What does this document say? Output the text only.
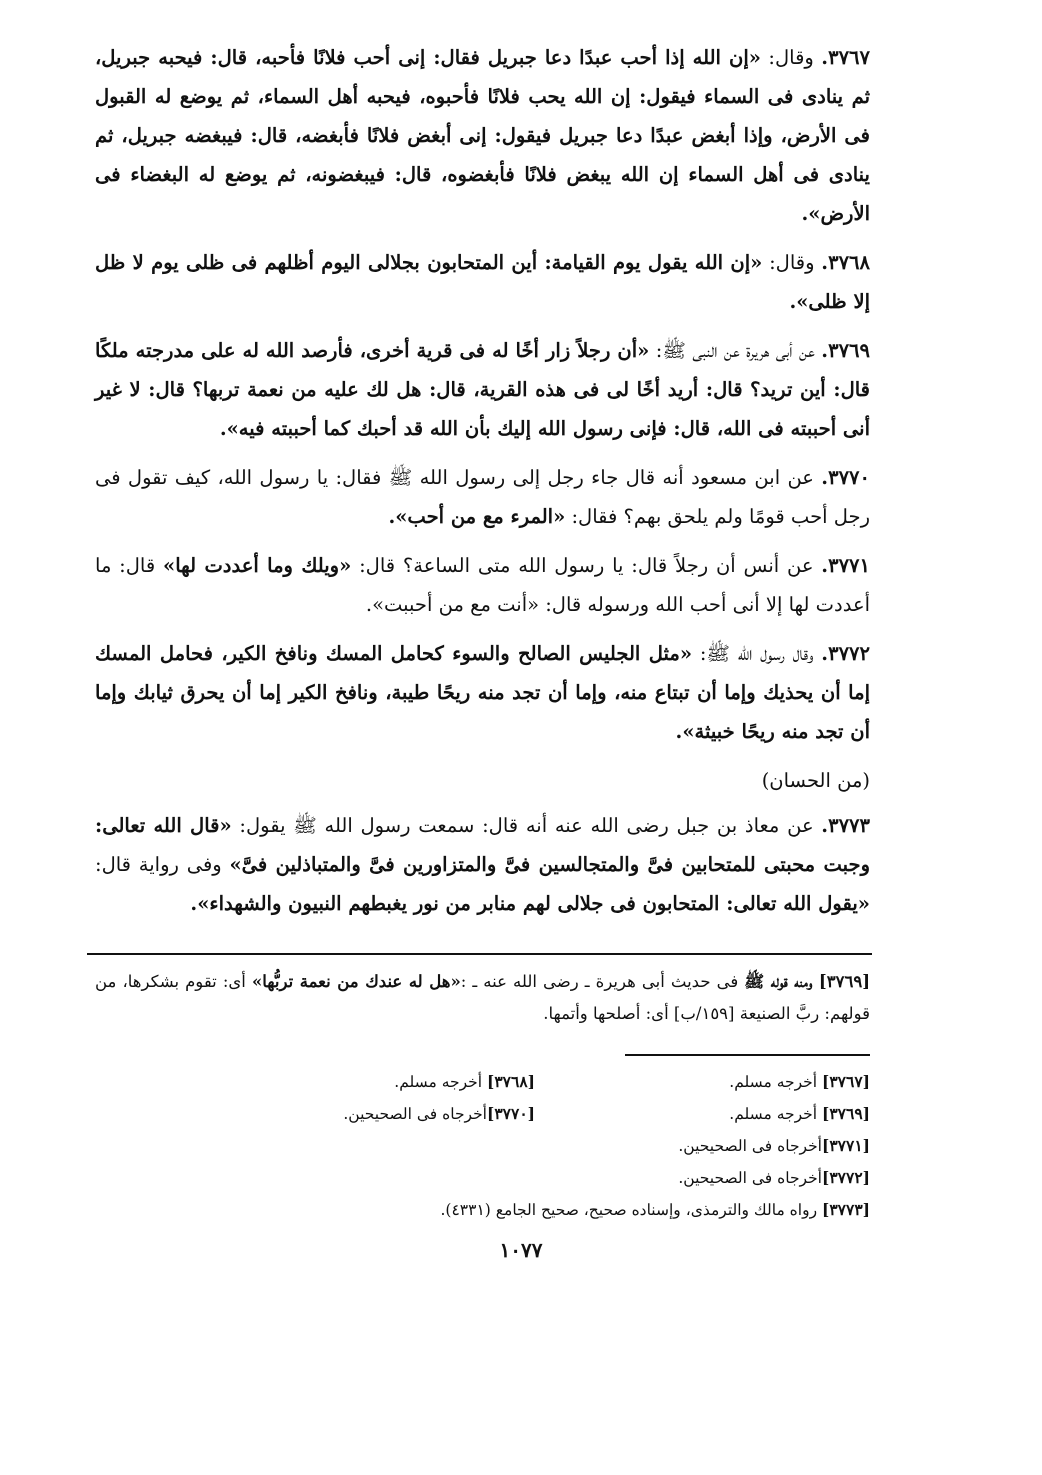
٣٧٦٧. وقال: «إن الله إذا أحب عبدًا دعا جبريل فقال: إنى أحب فلانًا فأحبه، قال: فيحبه جبريل، ثم ينادى فى السماء فيقول: إن الله يحب فلانًا فأحبوه، فيحبه أهل السماء، ثم يوضع له القبول فى الأرض، وإذا أبغض عبدًا دعا جبريل فيقول: إنى أبغض فلانًا فأبغضه، قال: فيبغضه جبريل، ثم ينادى فى أهل السماء إن الله يبغض فلانًا فأبغضوه، قال: فيبغضونه، ثم يوضع له البغضاء فى الأرض».

٣٧٦٨. وقال: «إن الله يقول يوم القيامة: أين المتحابون بجلالى اليوم أظلهم فى ظلى يوم لا ظل إلا ظلى».

٣٧٦٩. عن أبى هريرة عن النبى ﷺ: «أن رجلاً زار أخًا له فى قرية أخرى، فأرصد الله له على مدرجته ملكًا قال: أين تريد؟ قال: أريد أخًا لى فى هذه القرية، قال: هل لك عليه من نعمة تربها؟ قال: لا غير أنى أحببته فى الله، قال: فإنى رسول الله إليك بأن الله قد أحبك كما أحببته فيه».

٣٧٧٠. عن ابن مسعود أنه قال جاء رجل إلى رسول الله ﷺ فقال: يا رسول الله، كيف تقول فى رجل أحب قومًا ولم يلحق بهم؟ فقال: «المرء مع من أحب».

٣٧٧١. عن أنس أن رجلاً قال: يا رسول الله متى الساعة؟ قال: «ويلك وما أعددت لها» قال: ما أعددت لها إلا أنى أحب الله ورسوله قال: «أنت مع من أحببت».

٣٧٧٢. وقال رسول الله ﷺ: «مثل الجليس الصالح والسوء كحامل المسك ونافخ الكير، فحامل المسك إما أن يحذيك وإما أن تبتاع منه، وإما أن تجد منه ريحًا طيبة، ونافخ الكير إما أن يحرق ثيابك وإما أن تجد منه ريحًا خبيثة».

(من الحسان)

٣٧٧٣. عن معاذ بن جبل رضى الله عنه أنه قال: سمعت رسول الله ﷺ يقول: «قال الله تعالى: وجبت محبتى للمتحابين فىَّ والمتجالسين فىَّ والمتزاورين فىَّ والمتباذلين فىَّ» وفى رواية قال: «يقول الله تعالى: المتحابون فى جلالى لهم منابر من نور يغبطهم النبيون والشهداء».

[٣٧٦٩] ومنه قوله ﷺ فى حديث أبى هريرة ـ رضى الله عنه ـ :«هل له عندك من نعمة تربُّها» أى: تقوم بشكرها، من قولهم: ربَّ الصنيعة [١٥٩/ب] أى: أصلحها وأتمها.
[٣٧٦٧] أخرجه مسلم.
[٣٧٦٨] أخرجه مسلم.
[٣٧٦٩] أخرجه مسلم.
[٣٧٧٠]أخرجاه فى الصحيحين.
[٣٧٧١]أخرجاه فى الصحيحين.
[٣٧٧٢]أخرجاه فى الصحيحين.
[٣٧٧٣] رواه مالك والترمذى، وإسناده صحيح، صحيح الجامع (٤٣٣١).
١٠٧٧
